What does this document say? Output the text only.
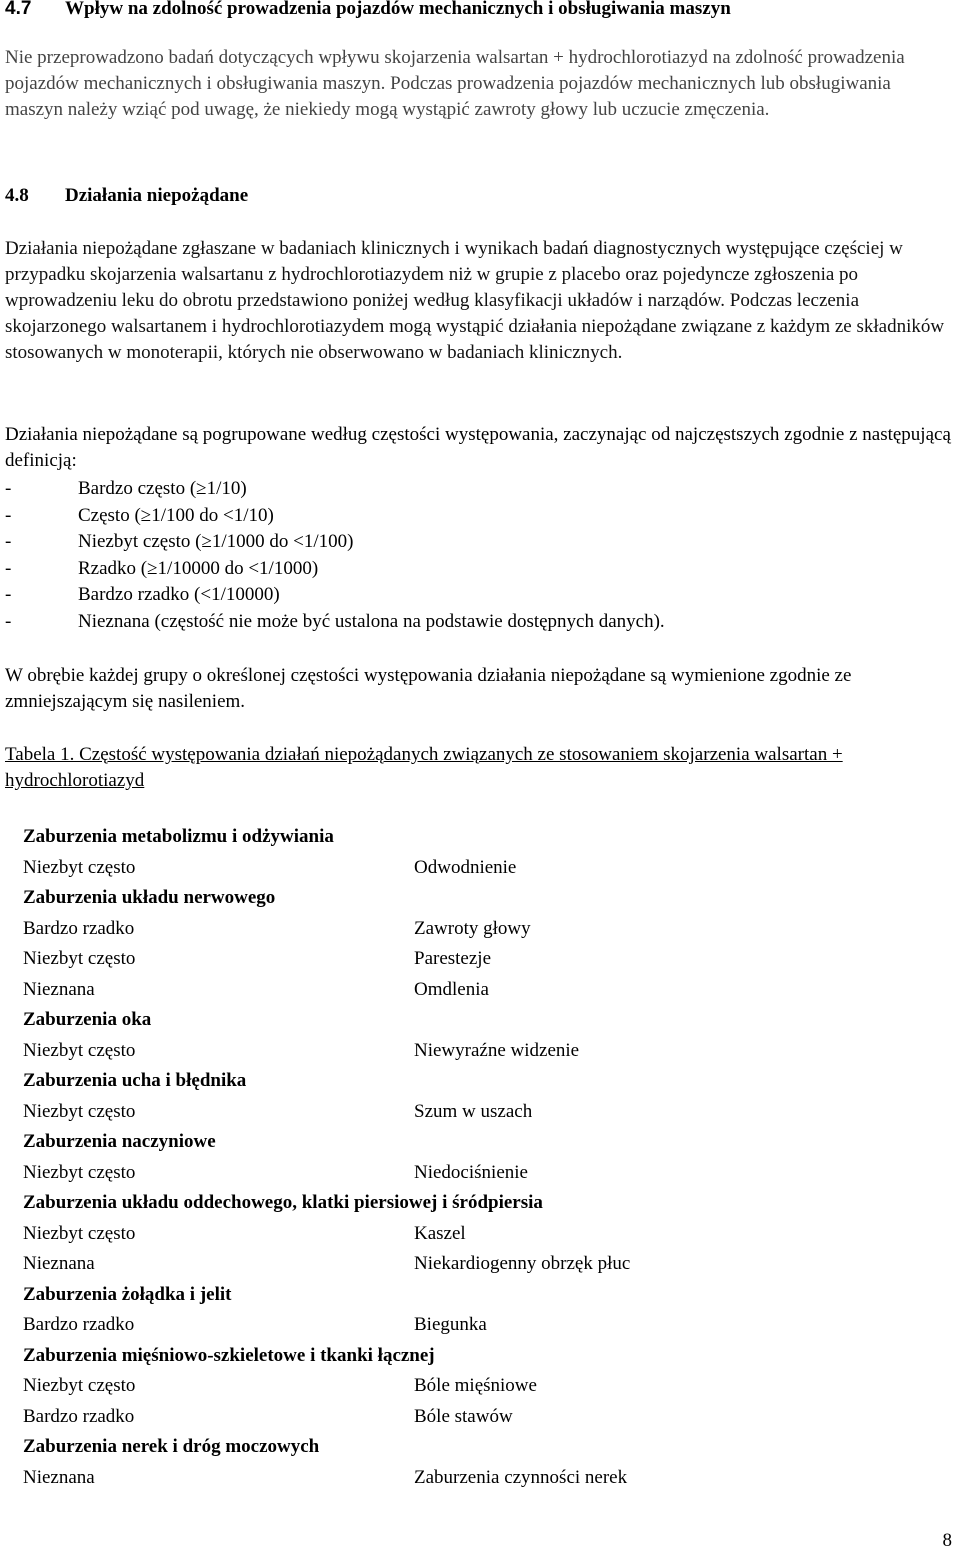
4.7	Wpływ na zdolność prowadzenia pojazdów mechanicznych i obsługiwania maszyn

Nie przeprowadzono badań dotyczących wpływu skojarzenia walsartan + hydrochlorotiazyd na zdolność prowadzenia pojazdów mechanicznych i obsługiwania maszyn. Podczas prowadzenia pojazdów mechanicznych lub obsługiwania maszyn należy wziąć pod uwagę, że niekiedy mogą wystąpić zawroty głowy lub uczucie zmęczenia.

4.8	Działania niepożądane

Działania niepożądane zgłaszane w badaniach klinicznych i wynikach badań diagnostycznych występujące częściej w przypadku skojarzenia walsartanu z hydrochlorotiazydem niż w grupie z placebo oraz pojedyncze zgłoszenia po wprowadzeniu leku do obrotu przedstawiono poniżej według klasyfikacji układów i narządów. Podczas leczenia skojarzonego walsartanem i hydrochlorotiazydem mogą wystąpić działania niepożądane związane z każdym ze składników stosowanych w monoterapii, których nie obserwowano w badaniach klinicznych.

Działania niepożądane są pogrupowane według częstości występowania, zaczynając od najczęstszych zgodnie z następującą definicją:

-	Bardzo często (≥1/10)
-	Często (≥1/100 do <1/10)
-	Niezbyt często (≥1/1000 do <1/100)
-	Rzadko (≥1/10000 do <1/1000)
-	Bardzo rzadko (<1/10000)
-	Nieznana (częstość nie może być ustalona na podstawie dostępnych danych).

W obrębie każdej grupy o określonej częstości występowania działania niepożądane są wymienione zgodnie ze zmniejszającym się nasileniem.

Tabela 1. Częstość występowania działań niepożądanych związanych ze stosowaniem skojarzenia walsartan + hydrochlorotiazyd

Zaburzenia metabolizmu i odżywiania	
Niezbyt często	Odwodnienie
Zaburzenia układu nerwowego	
Bardzo rzadko	Zawroty głowy
Niezbyt często	Parestezje
Nieznana	Omdlenia
Zaburzenia oka	
Niezbyt często	Niewyraźne widzenie
Zaburzenia ucha i błędnika	
Niezbyt często	Szum w uszach
Zaburzenia naczyniowe	
Niezbyt często	Niedociśnienie
Zaburzenia układu oddechowego, klatki piersiowej i śródpiersia	
Niezbyt często	Kaszel
Nieznana	Niekardiogenny obrzęk płuc
Zaburzenia żołądka i jelit	
Bardzo rzadko	Biegunka
Zaburzenia mięśniowo-szkieletowe i tkanki łącznej	
Niezbyt często	Bóle mięśniowe
Bardzo rzadko	Bóle stawów
Zaburzenia nerek i dróg moczowych	
Nieznana	Zaburzenia czynności nerek
8
